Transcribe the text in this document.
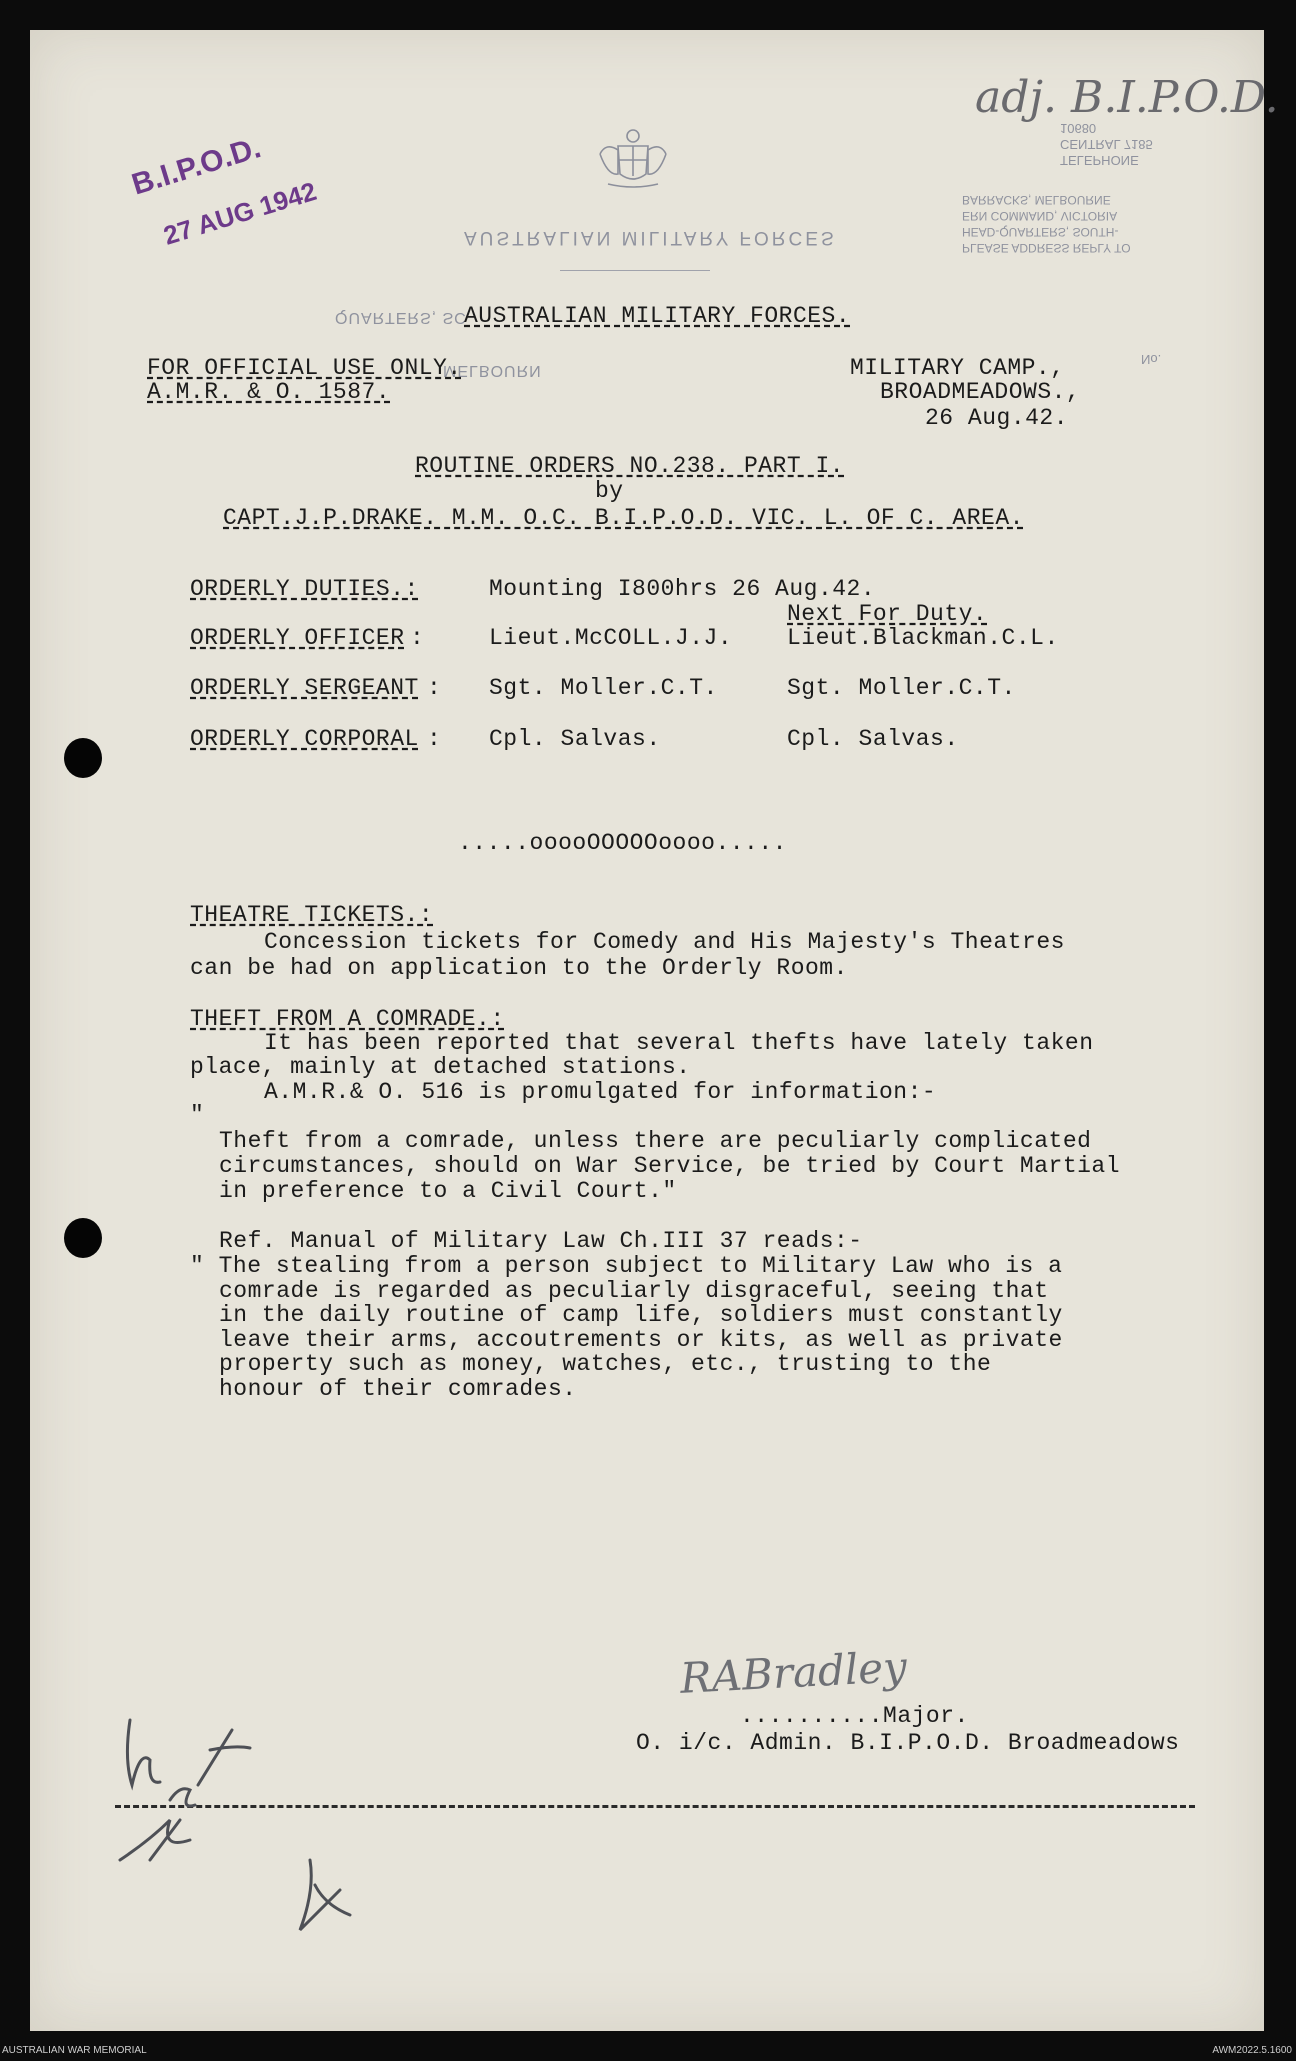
B.I.P.O.D.
27 AUG 1942
adj. B.I.P.O.D.
AUSTRALIAN MILITARY FORCES
TELEPHONE
CENTRAL 7185
10680
PLEASE ADDRESS REPLY TO
HEAD-QUARTERS, SOUTH-
ERN COMMAND, VICTORIA
BARRACKS, MELBOURNE
QUARTERS, SC
MELBOURN
No.
AUSTRALIAN MILITARY FORCES.
FOR OFFICIAL USE ONLY.
A.M.R. & O. 1587.
MILITARY CAMP.,
BROADMEADOWS.,
26 Aug.42.
ROUTINE ORDERS NO.238. PART I.
by
CAPT.J.P.DRAKE. M.M. O.C. B.I.P.O.D. VIC. L. OF C. AREA.
ORDERLY DUTIES.:	Mounting I800hrs 26 Aug.42.
Next For Duty.
ORDERLY OFFICER :	Lieut.McCOLL.J.J. Lieut.Blackman.C.L.
ORDERLY SERGEANT : Sgt. Moller.C.T.	Sgt. Moller.C.T.
ORDERLY CORPORAL : Cpl. Salvas.	Cpl. Salvas.
.....ooooOOOOOoooo.....
THEATRE TICKETS.:
Concession tickets for Comedy and His Majesty's Theatres
can be had on application to the Orderly Room.
THEFT FROM A COMRADE.:
It has been reported that several thefts have lately taken
place, mainly at detached stations.
A.M.R.& O. 516 is promulgated for information:-
"
Theft from a comrade, unless there are peculiarly complicated
circumstances, should on War Service, be tried by Court Martial
in preference to a Civil Court."
Ref. Manual of Military Law Ch.III 37 reads:-
" The stealing from a person subject to Military Law who is a
comrade is regarded as peculiarly disgraceful, seeing that
in the daily routine of camp life, soldiers must constantly
leave their arms, accoutrements or kits, as well as private
property such as money, watches, etc., trusting to the
honour of their comrades.
RABradley
..........Major.
O. i/c. Admin. B.I.P.O.D. Broadmeadows
AUSTRALIAN WAR MEMORIAL	AWM2022.5.1600
